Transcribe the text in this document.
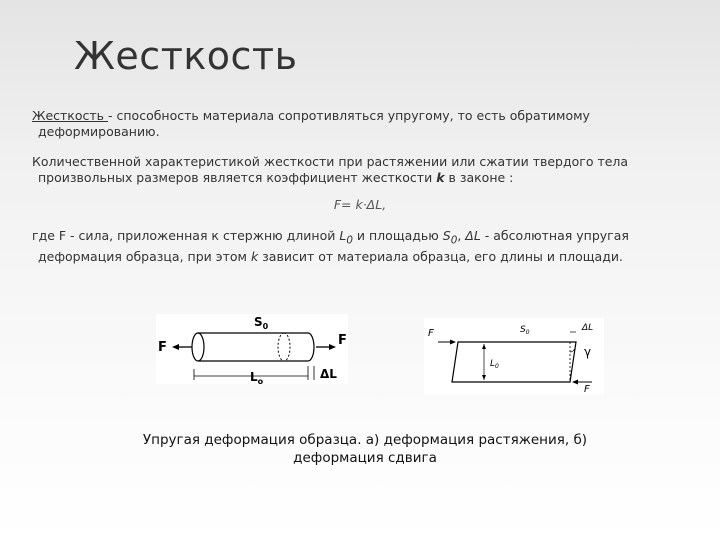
Жесткость
Жесткость - способность материала сопротивляться упругому, то есть обратимому
деформированию.
Количественной характеристикой жесткости при растяжении или сжатии твердого тела
произвольных размеров является коэффициент жесткости k в законе :
F= k·ΔL,
где F - сила, приложенная к стержню длиной $L_0$ и площадью $S_0$, ΔL - абсолютная упругая
деформация образца, при этом k зависит от материала образца, его длины и площади.
F
$S_0$
F
$L_o$
ΔL
F
$L_0$
$S_0$	ΔL
γ
F
Упругая деформация образца. а) деформация растяжения, б)
деформация сдвига
